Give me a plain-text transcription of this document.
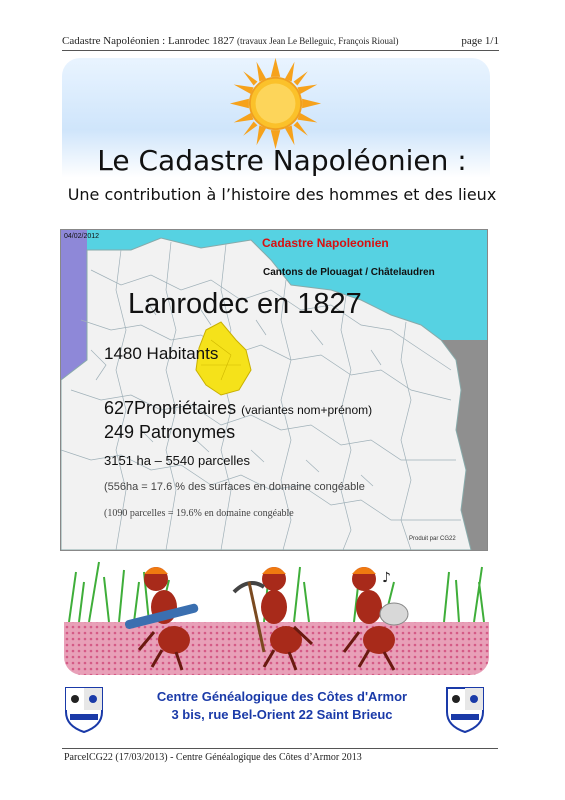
Cadastre Napoléonien : Lanrodec 1827 (travaux Jean Le Belleguic, François Rioual)	page 1/1
Le Cadastre Napoléonien :
Une contribution à l’histoire des hommes et des lieux
04/02/2012	Cadastre Napoleonien
Cantons de Plouagat / Châtelaudren
Lanrodec en 1827
1480 Habitants
627Propriétaires (variantes nom+prénom)
249 Patronymes
3151 ha – 5540 parcelles
(556ha = 17.6 % des surfaces en domaine congéable
(1090 parcelles = 19.6% en domaine congéable
Produit par CG22
♪
Centre Généalogique des Côtes d'Armor
3 bis, rue Bel-Orient 22 Saint Brieuc
ParcelCG22 (17/03/2013) - Centre Généalogique des Côtes d’Armor 2013
